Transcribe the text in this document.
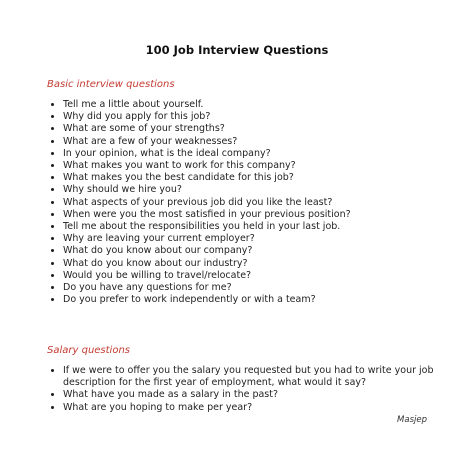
100 Job Interview Questions
Basic interview questions
• Tell me a little about yourself.
• Why did you apply for this job?
• What are some of your strengths?
• What are a few of your weaknesses?
• In your opinion, what is the ideal company?
• What makes you want to work for this company?
• What makes you the best candidate for this job?
• Why should we hire you?
• What aspects of your previous job did you like the least?
• When were you the most satisfied in your previous position?
• Tell me about the responsibilities you held in your last job.
• Why are leaving your current employer?
• What do you know about our company?
• What do you know about our industry?
• Would you be willing to travel/relocate?
• Do you have any questions for me?
• Do you prefer to work independently or with a team?
Salary questions
• If we were to offer you the salary you requested but you had to write your job description for the first year of employment, what would it say?
• What have you made as a salary in the past?
• What are you hoping to make per year?
Masjep
